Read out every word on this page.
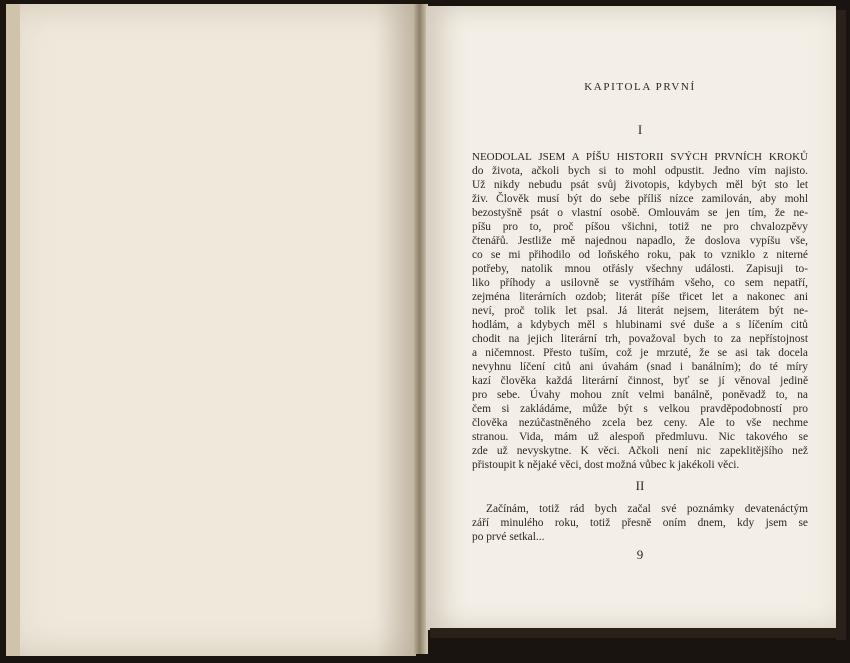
KAPITOLA PRVNÍ
I
NEODOLAL JSEM A PÍŠU HISTORII SVÝCH PRVNÍCH KROKŮ
do života, ačkoli bych si to mohl odpustit. Jedno vím najisto.
Už nikdy nebudu psát svůj životopis, kdybych měl být sto let
živ. Člověk musí být do sebe příliš nízce zamilován, aby mohl
bezostyšně psát o vlastní osobě. Omlouvám se jen tím, že ne-
píšu pro to, proč píšou všichni, totiž ne pro chvalozpěvy
čtenářů. Jestliže mě najednou napadlo, že doslova vypíšu vše,
co se mi přihodilo od loňského roku, pak to vzniklo z niterné
potřeby, natolik mnou otřásly všechny události. Zapisuji to-
liko příhody a usilovně se vystříhám všeho, co sem nepatří,
zejména literárních ozdob; literát píše třicet let a nakonec ani
neví, proč tolik let psal. Já literát nejsem, literátem být ne-
hodlám, a kdybych měl s hlubinami své duše a s líčením citů
chodit na jejich literární trh, považoval bych to za nepřístojnost
a ničemnost. Přesto tuším, což je mrzuté, že se asi tak docela
nevyhnu líčení citů ani úvahám (snad i banálním); do té míry
kazí člověka každá literární činnost, byť se jí věnoval jedině
pro sebe. Úvahy mohou znít velmi banálně, poněvadž to, na
čem si zakládáme, může být s velkou pravděpodobností pro
člověka nezúčastněného zcela bez ceny. Ale to vše nechme
stranou. Vida, mám už alespoň předmluvu. Nic takového se
zde už nevyskytne. K věci. Ačkoli není nic zapeklitějšího než
přistoupit k nějaké věci, dost možná vůbec k jakékoli věci.
II
Začínám, totiž rád bych začal své poznámky devatenáctým
září minulého roku, totiž přesně oním dnem, kdy jsem se
po prvé setkal...
9
